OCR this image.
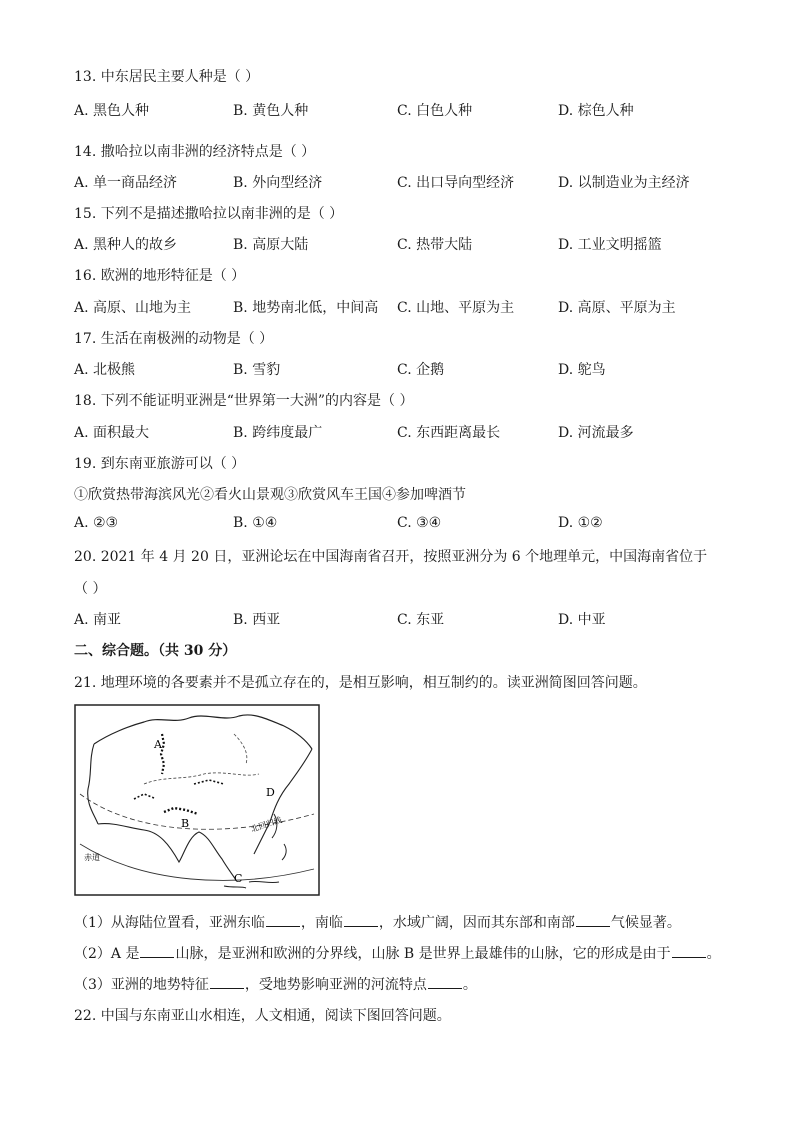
13. 中东居民主要人种是（ ）
A. 黑色人种	B. 黄色人种	C. 白色人种	D. 棕色人种
14. 撒哈拉以南非洲的经济特点是（ ）
A. 单一商品经济	B. 外向型经济	C. 出口导向型经济	D. 以制造业为主经济
15. 下列不是描述撒哈拉以南非洲的是（ ）
A. 黑种人的故乡	B. 高原大陆	C. 热带大陆	D. 工业文明摇篮
16. 欧洲的地形特征是（ ）
A. 高原、山地为主	B. 地势南北低，中间高 C. 山地、平原为主	D. 高原、平原为主
17. 生活在南极洲的动物是（ ）
A. 北极熊	B. 雪豹	C. 企鹅	D. 鸵鸟
18. 下列不能证明亚洲是“世界第一大洲”的内容是（ ）
A. 面积最大	B. 跨纬度最广	C. 东西距离最长	D. 河流最多
19. 到东南亚旅游可以（ ）
①欣赏热带海滨风光②看火山景观③欣赏风车王国④参加啤酒节
A. ②③	B. ①④	C. ③④	D. ①②
20. 2021 年 4 月 20 日，亚洲论坛在中国海南省召开，按照亚洲分为 6 个地理单元，中国海南省位于
（ ）
A. 南亚	B. 西亚	C. 东亚	D. 中亚
二、综合题。（共 30 分）
21. 地理环境的各要素并不是孤立存在的，是相互影响，相互制约的。读亚洲简图回答问题。
A
B
C
D
北回归线
赤道
（1）从海陆位置看，亚洲东临	，南临	，水域广阔，因而其东部和南部	气候显著。
（2）A 是	山脉，是亚洲和欧洲的分界线，山脉 B 是世界上最雄伟的山脉，它的形成是由于	。
（3）亚洲的地势特征	，受地势影响亚洲的河流特点	。
22. 中国与东南亚山水相连，人文相通，阅读下图回答问题。
